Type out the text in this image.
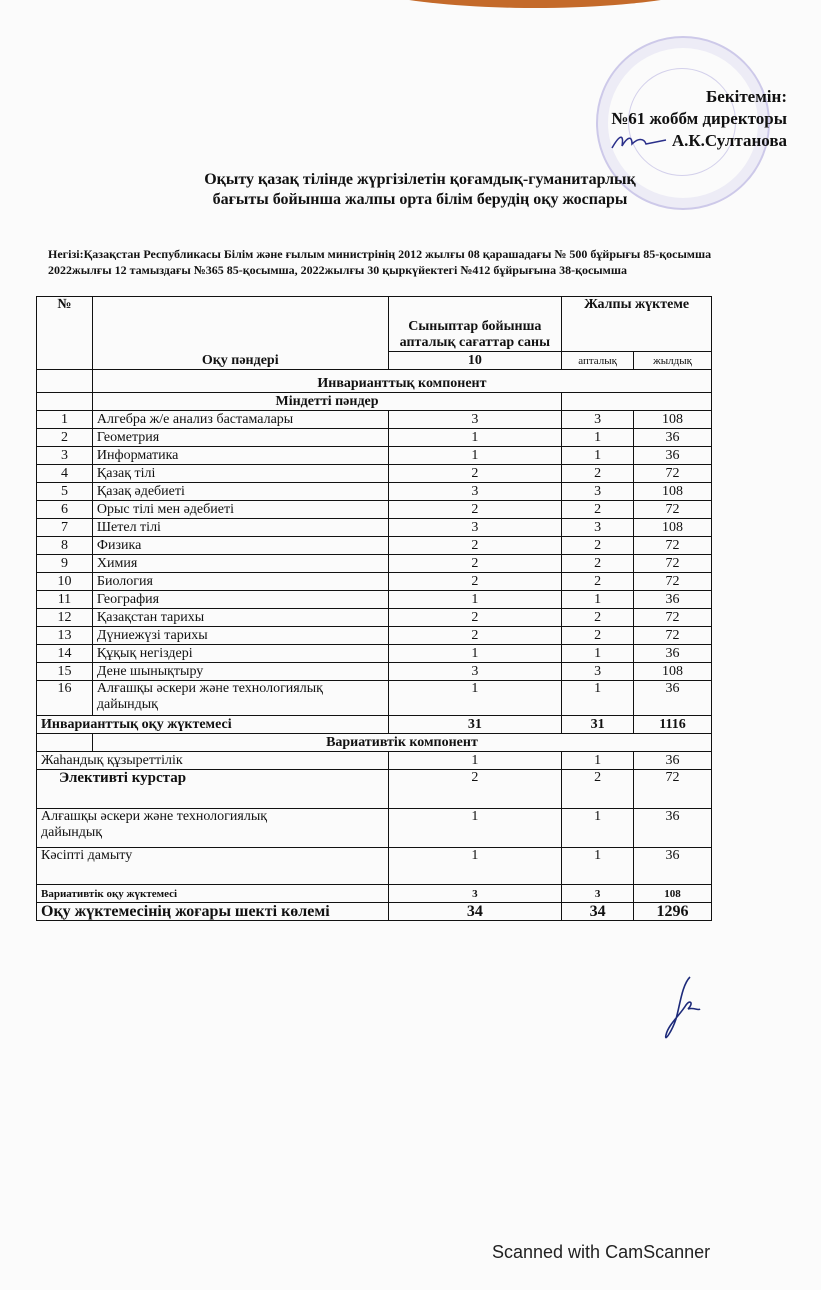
Бекітемін:
№61 жоббм директоры
А.К.Султанова
Оқыту қазақ тілінде жүргізілетін қоғамдық-гуманитарлық
бағыты бойынша жалпы орта білім берудің оқу жоспары
Негізі:Қазақстан Республикасы Білім және ғылым министрінің 2012 жылғы 08 қарашадағы № 500 бұйрығы 85-қосымша
2022жылғы 12 тамыздағы №365 85-қосымша, 2022жылғы 30 қыркүйектегі №412 бұйрығына 38-қосымша
№	Оқу пәндері	Сыныптар бойынша апталық сағаттар саны	Жалпы жүктеме	
		10	апталық	жылдық
	Инварианттық компонент			
	Міндетті пәндер			
1	Алгебра ж/е анализ бастамалары	3	3	108
2	Геометрия	1	1	36
3	Информатика	1	1	36
4	Қазақ тілі	2	2	72
5	Қазақ әдебиеті	3	3	108
6	Орыс тілі мен әдебиеті	2	2	72
7	Шетел тілі	3	3	108
8	Физика	2	2	72
9	Химия	2	2	72
10	Биология	2	2	72
11	География	1	1	36
12	Қазақстан тарихы	2	2	72
13	Дүниежүзі тарихы	2	2	72
14	Құқық негіздері	1	1	36
15	Дене шынықтыру	3	3	108
16	Алғашқы әскери және технологиялық дайындық	1	1	36
Инварианттық оқу жүктемесі		31	31	1116
	Вариативтік компонент			
Жаһандық құзыреттілік		1	1	36
Элективті курстар		2	2	72
Алғашқы әскери және технологиялық дайындық		1	1	36
Кәсіпті дамыту		1	1	36
Вариативтік оқу жүктемесі		3	3	108
Оқу жүктемесінің жоғары шекті көлемі		34	34	1296
Scanned with CamScanner
